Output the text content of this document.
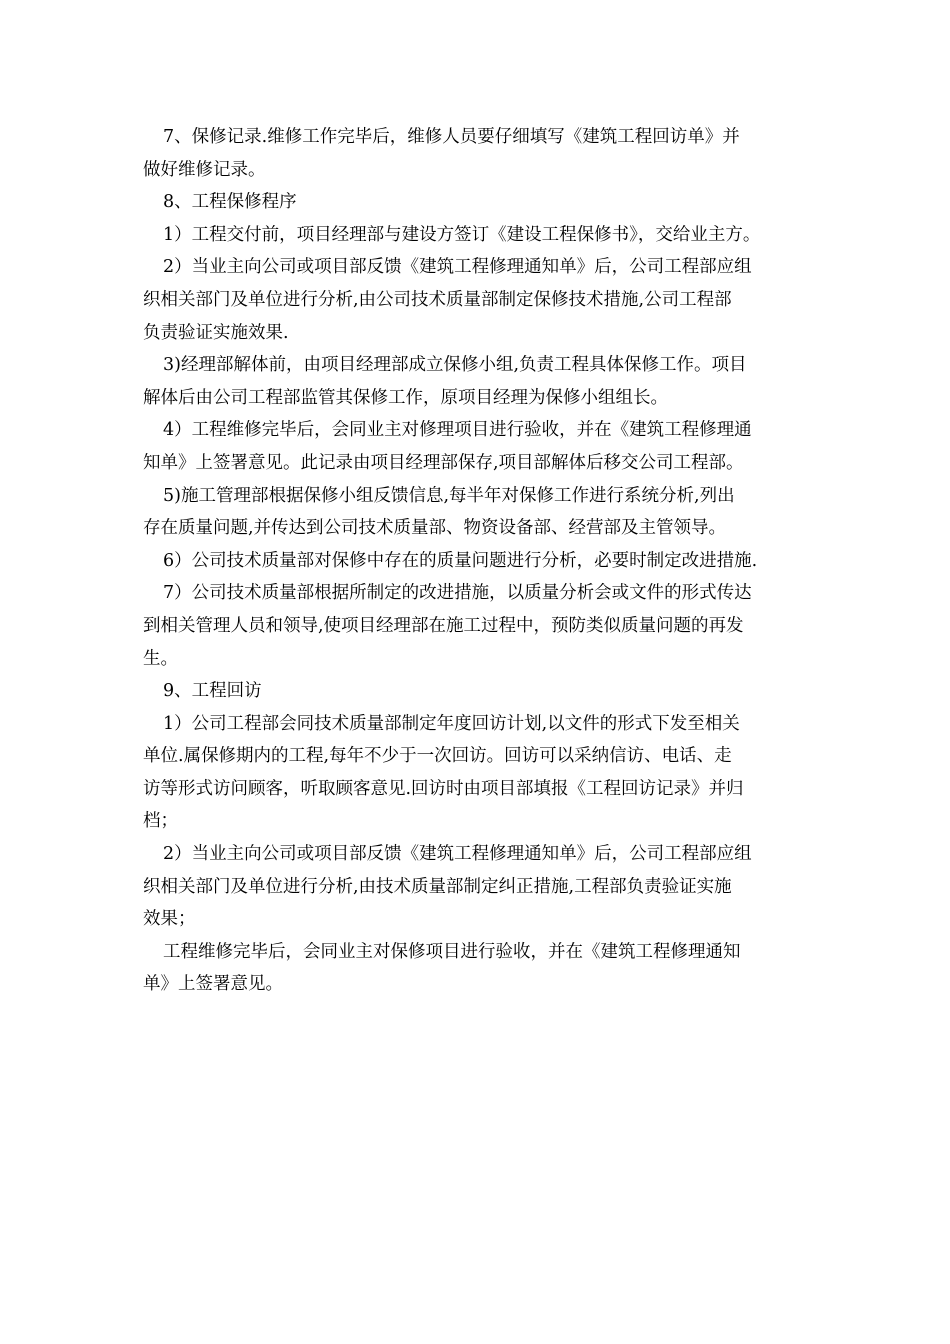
7、保修记录.维修工作完毕后，维修人员要仔细填写《建筑工程回访单》并
做好维修记录。
8、工程保修程序
1）工程交付前，项目经理部与建设方签订《建设工程保修书》，交给业主方。
2）当业主向公司或项目部反馈《建筑工程修理通知单》后，公司工程部应组
织相关部门及单位进行分析,由公司技术质量部制定保修技术措施,公司工程部
负责验证实施效果.
3)经理部解体前，由项目经理部成立保修小组,负责工程具体保修工作。项目
解体后由公司工程部监管其保修工作，原项目经理为保修小组组长。
4）工程维修完毕后，会同业主对修理项目进行验收，并在《建筑工程修理通
知单》上签署意见。此记录由项目经理部保存,项目部解体后移交公司工程部。
5)施工管理部根据保修小组反馈信息,每半年对保修工作进行系统分析,列出
存在质量问题,并传达到公司技术质量部、物资设备部、经营部及主管领导。
6）公司技术质量部对保修中存在的质量问题进行分析，必要时制定改进措施.
7）公司技术质量部根据所制定的改进措施，以质量分析会或文件的形式传达
到相关管理人员和领导,使项目经理部在施工过程中，预防类似质量问题的再发
生。
9、工程回访
1）公司工程部会同技术质量部制定年度回访计划,以文件的形式下发至相关
单位.属保修期内的工程,每年不少于一次回访。回访可以采纳信访、电话、走
访等形式访问顾客，听取顾客意见.回访时由项目部填报《工程回访记录》并归
档；
2）当业主向公司或项目部反馈《建筑工程修理通知单》后，公司工程部应组
织相关部门及单位进行分析,由技术质量部制定纠正措施,工程部负责验证实施
效果；
工程维修完毕后，会同业主对保修项目进行验收，并在《建筑工程修理通知
单》上签署意见。
